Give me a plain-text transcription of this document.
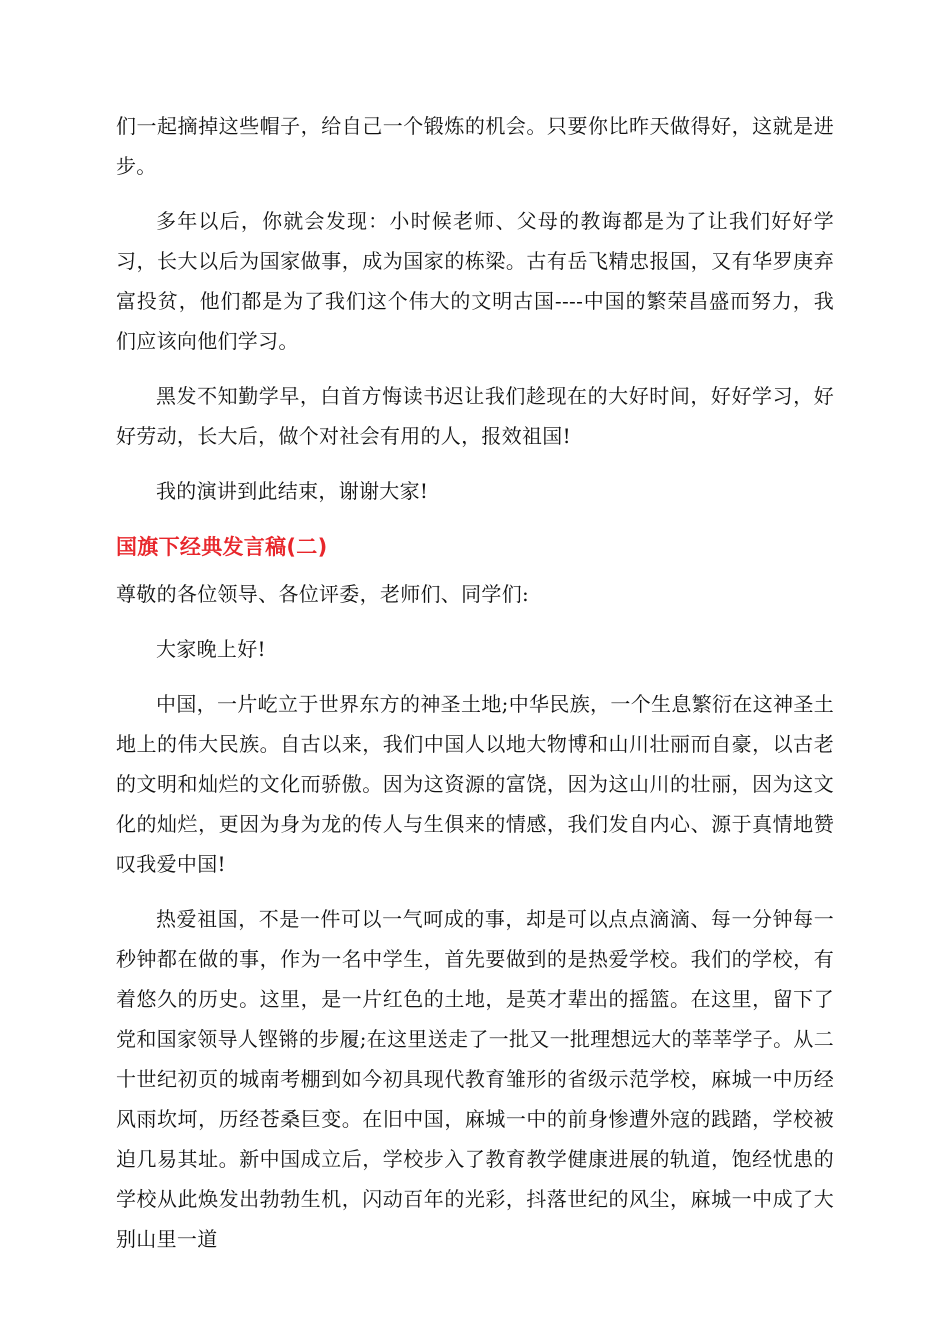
们一起摘掉这些帽子，给自己一个锻炼的机会。只要你比昨天做得好，这就是进步。

多年以后，你就会发现：小时候老师、父母的教诲都是为了让我们好好学习，长大以后为国家做事，成为国家的栋梁。古有岳飞精忠报国，又有华罗庚弃富投贫，他们都是为了我们这个伟大的文明古国----中国的繁荣昌盛而努力，我们应该向他们学习。

黑发不知勤学早，白首方悔读书迟让我们趁现在的大好时间，好好学习，好好劳动，长大后，做个对社会有用的人，报效祖国!

我的演讲到此结束，谢谢大家!

国旗下经典发言稿(二)

尊敬的各位领导、各位评委，老师们、同学们:

大家晚上好!

中国，一片屹立于世界东方的神圣土地;中华民族，一个生息繁衍在这神圣土地上的伟大民族。自古以来，我们中国人以地大物博和山川壮丽而自豪，以古老的文明和灿烂的文化而骄傲。因为这资源的富饶，因为这山川的壮丽，因为这文化的灿烂，更因为身为龙的传人与生俱来的情感，我们发自内心、源于真情地赞叹我爱中国!

热爱祖国，不是一件可以一气呵成的事，却是可以点点滴滴、每一分钟每一秒钟都在做的事，作为一名中学生，首先要做到的是热爱学校。我们的学校，有着悠久的历史。这里，是一片红色的土地，是英才辈出的摇篮。在这里，留下了党和国家领导人铿锵的步履;在这里送走了一批又一批理想远大的莘莘学子。从二十世纪初页的城南考棚到如今初具现代教育雏形的省级示范学校，麻城一中历经风雨坎坷，历经苍桑巨变。在旧中国，麻城一中的前身惨遭外寇的践踏，学校被迫几易其址。新中国成立后，学校步入了教育教学健康进展的轨道，饱经忧患的学校从此焕发出勃勃生机，闪动百年的光彩，抖落世纪的风尘，麻城一中成了大别山里一道
